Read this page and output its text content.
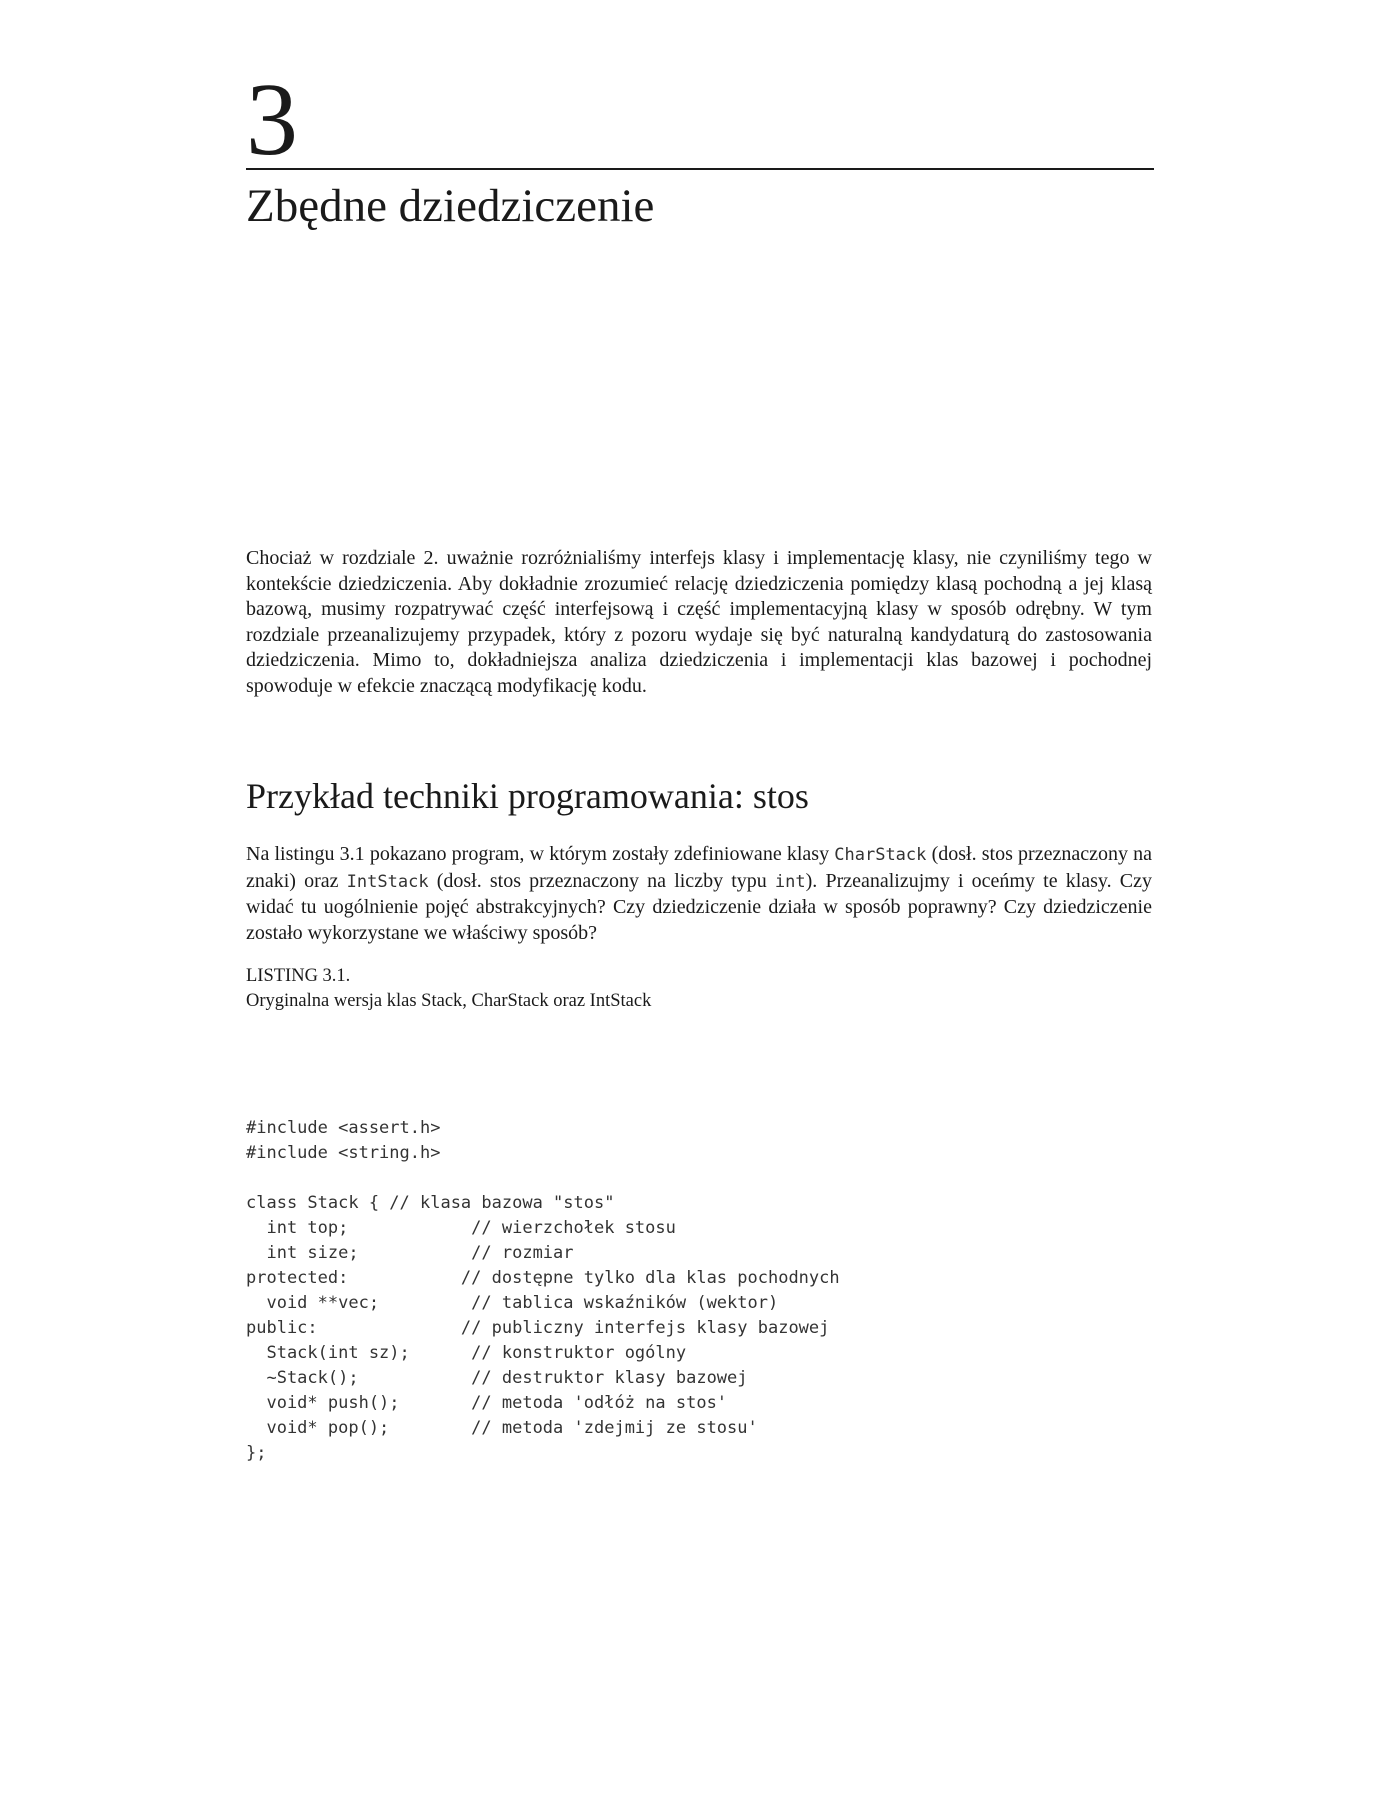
3
Zbędne dziedziczenie

Chociaż w rozdziale 2. uważnie rozróżnialiśmy interfejs klasy i implementację klasy, nie czyniliśmy tego w kontekście dziedziczenia. Aby dokładnie zrozumieć relację dziedziczenia pomiędzy klasą pochodną a jej klasą bazową, musimy rozpatrywać część interfejsową i część implementacyjną klasy w sposób odrębny. W tym rozdziale przeanalizujemy przypadek, który z pozoru wydaje się być naturalną kandydaturą do zastosowania dziedziczenia. Mimo to, dokładniejsza analiza dziedziczenia i implementacji klas bazowej i pochodnej spowoduje w efekcie znaczącą modyfikację kodu.

Przykład techniki programowania: stos

Na listingu 3.1 pokazano program, w którym zostały zdefiniowane klasy CharStack (dosł. stos przeznaczony na znaki) oraz IntStack (dosł. stos przeznaczony na liczby typu int). Przeanalizujmy i oceńmy te klasy. Czy widać tu uogólnienie pojęć abstrakcyjnych? Czy dziedziczenie działa w sposób poprawny? Czy dziedziczenie zostało wykorzystane we właściwy sposób?

LISTING 3.1.
Oryginalna wersja klas Stack, CharStack oraz IntStack
#include <assert.h>
#include <string.h>
class Stack { // klasa bazowa "stos"
int top;            // wierzchołek stosu
int size;           // rozmiar
protected:           // dostępne tylko dla klas pochodnych
void **vec;         // tablica wskaźników (wektor)
public:              // publiczny interfejs klasy bazowej
Stack(int sz);      // konstruktor ogólny
~Stack();           // destruktor klasy bazowej
void* push();       // metoda 'odłóż na stos'
void* pop();        // metoda 'zdejmij ze stosu'
};
